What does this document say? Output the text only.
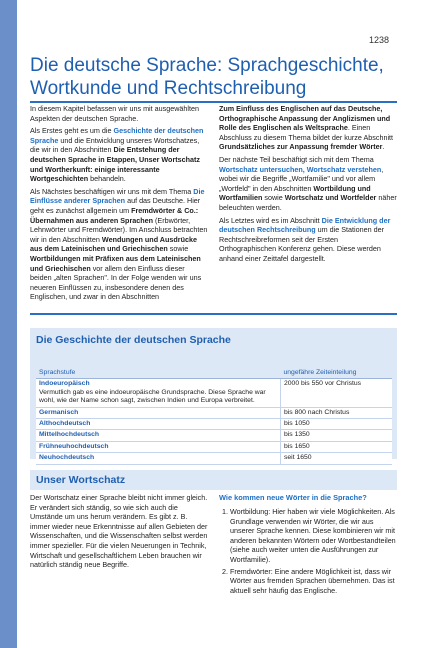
1238
Die deutsche Sprache: Sprachgeschichte, Wortkunde und Rechtschreibung

In diesem Kapitel befassen wir uns mit ausgewählten Aspekten der deutschen Sprache.

Als Erstes geht es um die Geschichte der deutschen Sprache und die Entwicklung unseres Wortschatzes, die wir in den Abschnitten Die Entstehung der deutschen Sprache in Etappen, Unser Wortschatz und Wortherkunft: einige interessante Wortgeschichten behandeln.

Als Nächstes beschäftigen wir uns mit dem Thema Die Einflüsse anderer Sprachen auf das Deutsche. Hier geht es zunächst allgemein um Fremdwörter & Co.: Übernahmen aus anderen Sprachen (Erbwörter, Lehnwörter und Fremdwörter). Im Anschluss betrachten wir in den Abschnitten Wendungen und Ausdrücke aus dem Lateinischen und Griechischen sowie Wortbildungen mit Präfixen aus dem Lateinischen und Griechischen vor allem den Einfluss dieser beiden „alten Sprachen". In der Folge wenden wir uns neueren Einflüssen zu, insbesondere denen des Englischen, und zwar in den Abschnitten

Zum Einfluss des Englischen auf das Deutsche, Orthographische Anpassung der Anglizismen und Rolle des Englischen als Weltsprache. Einen Abschluss zu diesem Thema bildet der kurze Abschnitt Grundsätzliches zur Anpassung fremder Wörter.

Der nächste Teil beschäftigt sich mit dem Thema Wortschatz untersuchen, Wortschatz verstehen, wobei wir die Begriffe „Wortfamilie" und vor allem „Wortfeld" in den Abschnitten Wortbildung und Wortfamilien sowie Wortschatz und Wortfelder näher beleuchten werden.

Als Letztes wird es im Abschnitt Die Entwicklung der deutschen Rechtschreibung um die Stationen der Rechtschreibreformen seit der Ersten Orthographischen Konferenz gehen. Diese werden anhand einer Zeittafel dargestellt.

Die Geschichte der deutschen Sprache
Sprachstufe	ungefähre Zeiteinteilung
Indoeuropäisch
Vermutlich gab es eine indoeuropäische Grundsprache. Diese Sprache war wohl, wie der Name schon sagt, zwischen Indien und Europa verbreitet.	2000 bis 550 vor Christus
Germanisch	bis 800 nach Christus
Althochdeutsch	bis 1050
Mittelhochdeutsch	bis 1350
Frühneuhochdeutsch	bis 1650
Neuhochdeutsch	seit 1650
Unser Wortschatz

Der Wortschatz einer Sprache bleibt nicht immer gleich. Er verändert sich ständig, so wie sich auch die Umstände um uns herum verändern. Es gibt z. B. immer wieder neue Erkenntnisse auf allen Gebieten der Wissenschaften, und die Wissenschaften selbst werden immer spezieller. Für die vielen Neuerungen in Technik, Wirtschaft und gesellschaftlichem Leben brauchen wir natürlich ständig neue Begriffe.

Wie kommen neue Wörter in die Sprache?
1. Wortbildung: Hier haben wir viele Möglichkeiten. Als Grundlage verwenden wir Wörter, die wir aus unserer Sprache kennen. Diese kombinieren wir mit anderen bekannten Wörtern oder Wortbestandteilen (siehe auch weiter unten die Ausführungen zur Wortfamilie).
2. Fremdwörter: Eine andere Möglichkeit ist, dass wir Wörter aus fremden Sprachen übernehmen. Das ist aktuell sehr häufig das Englische.
